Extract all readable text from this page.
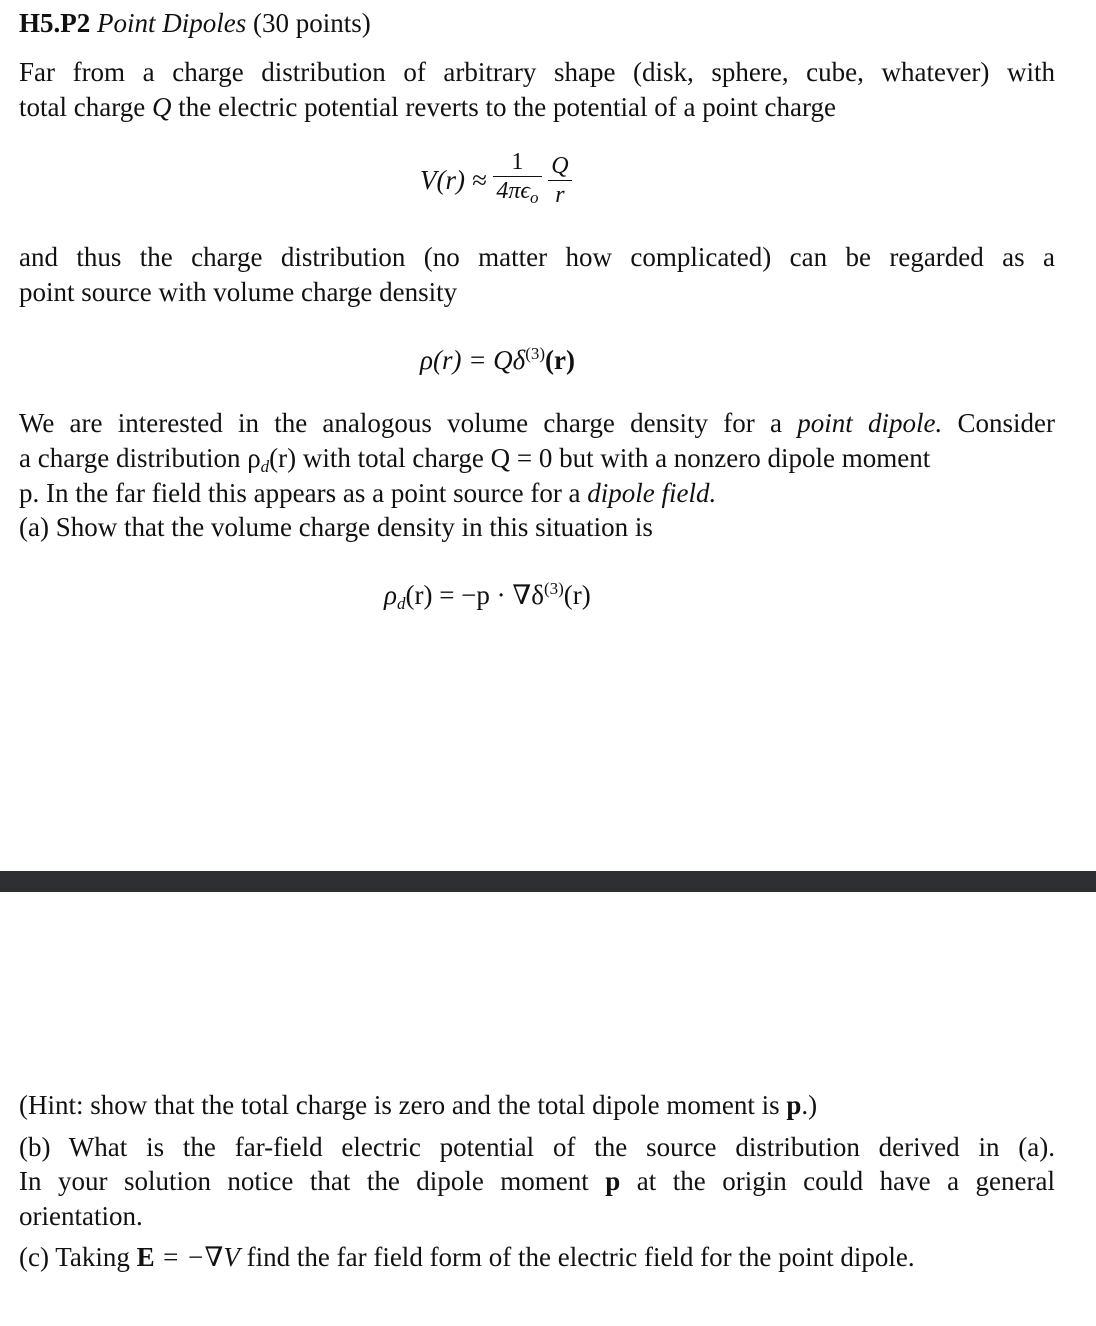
H5.P2 Point Dipoles (30 points)
Far from a charge distribution of arbitrary shape (disk, sphere, cube, whatever) with
total charge Q the electric potential reverts to the potential of a point charge
$V(r) \approx \frac{1}{4\pi\epsilon_o}$
$\frac{Q}{r}$
and thus the charge distribution (no matter how complicated) can be regarded as a
point source with volume charge density
$\rho(r) = Q\delta^{(3)}(r)$
We are interested in the analogous volume charge density for a point dipole. Consider
a charge distribution $\rho_d(r)$ with total charge Q = 0 but with a nonzero dipole moment
p. In the far field this appears as a point source for a dipole field.
(a) Show that the volume charge density in this situation is
$\rho_d(r) = -p \cdot \nabla\delta^{(3)}(r)$
(Hint: show that the total charge is zero and the total dipole moment is p.)
(b) What is the far-field electric potential of the source distribution derived in (a).
In your solution notice that the dipole moment p at the origin could have a general
orientation.
(c) Taking E = −∇V find the far field form of the electric field for the point dipole.
